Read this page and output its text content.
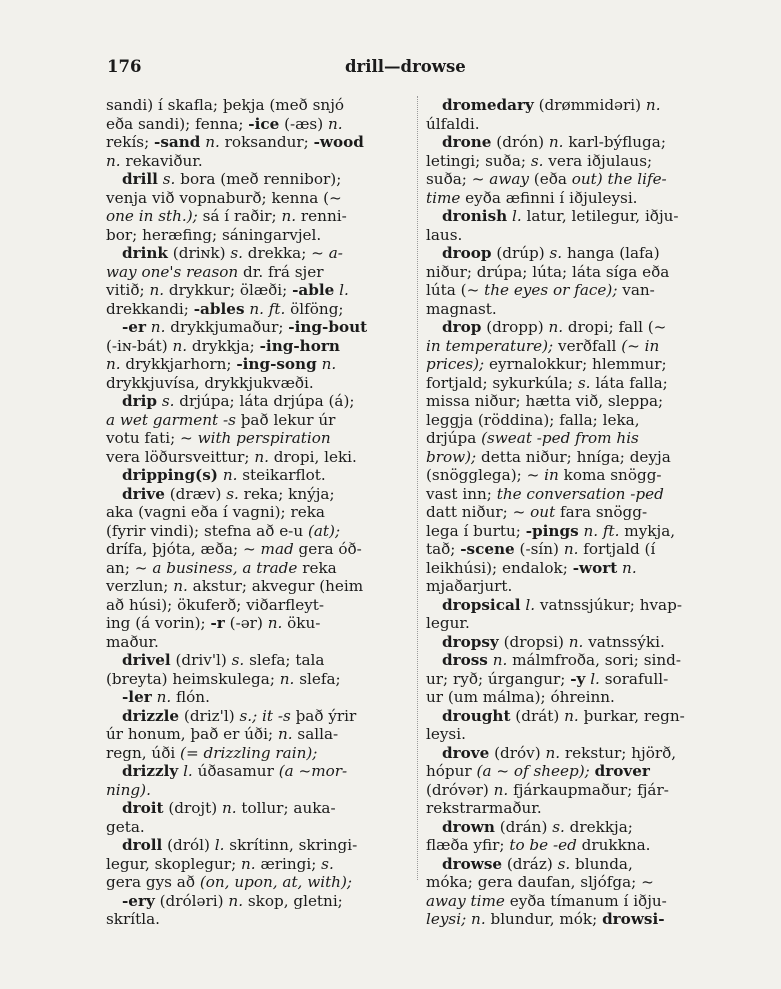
176	drill—drowse
sandi) í skafla; þekja (með snjó
eða sandi); fenna; -ice (-æs) n.
rekís; -sand n. roksandur; -wood
n. rekaviður.
drill s. bora (með rennibor);
venja við vopnaburð; kenna (~
one in sth.); sá í raðir; n. renni-
bor; heræfing; sáningarvjel.
drink (driɴk) s. drekka; ~ a-
way one's reason dr. frá sjer
vitið; n. drykkur; ölæði; -able l.
drekkandi; -ables n. ft. ölföng;
-er n. drykkjumaður; -ing-bout
(-iɴ-bát) n. drykkja; -ing-horn
n. drykkjarhorn; -ing-song n.
drykkjuvísa, drykkjukvæði.
drip s. drjúpa; láta drjúpa (á);
a wet garment -s það lekur úr
votu fati; ~ with perspiration
vera löðursveittur; n. dropi, leki.
dripping(s) n. steikarflot.
drive (dræv) s. reka; knýja;
aka (vagni eða í vagni); reka
(fyrir vindi); stefna að e-u (at);
drífa, þjóta, æða; ~ mad gera óð-
an; ~ a business, a trade reka
verzlun; n. akstur; akvegur (heim
að húsi); ökuferð; viðarfleyt-
ing (á vorin); -r (-ər) n. öku-
maður.
drivel (driv'l) s. slefa; tala
(breyta) heimskulega; n. slefa;
-ler n. flón.
drizzle (driz'l) s.; it -s það ýrir
úr honum, það er úði; n. salla-
regn, úði (= drizzling rain);
drizzly l. úðasamur (a ~mor-
ning).
droit (drojt) n. tollur; auka-
geta.
droll (dról) l. skrítinn, skringi-
legur, skoplegur; n. æringi; s.
gera gys að (on, upon, at, with);
-ery (dróləri) n. skop, gletni;
skrítla.
dromedary (drømmidəri) n.
úlfaldi.
drone (drón) n. karl-býfluga;
letingi; suða; s. vera iðjulaus;
suða; ~ away (eða out) the life-
time eyða æfinni í iðjuleysi.
dronish l. latur, letilegur, iðju-
laus.
droop (drúp) s. hanga (lafa)
niður; drúpa; lúta; láta síga eða
lúta (~ the eyes or face); van-
magnast.
drop (dropp) n. dropi; fall (~
in temperature); verðfall (~ in
prices); eyrnalokkur; hlemmur;
fortjald; sykurkúla; s. láta falla;
missa niður; hætta við, sleppa;
leggja (röddina); falla; leka,
drjúpa (sweat -ped from his
brow); detta niður; hníga; deyja
(snögglega); ~ in koma snögg-
vast inn; the conversation -ped
datt niður; ~ out fara snögg-
lega í burtu; -pings n. ft. mykja,
tað; -scene (-sín) n. fortjald (í
leikhúsi); endalok; -wort n.
mjaðarjurt.
dropsical l. vatnssjúkur; hvap-
legur.
dropsy (dropsi) n. vatnssýki.
dross n. málmfroða, sori; sind-
ur; ryð; úrgangur; -y l. sorafull-
ur (um málma); óhreinn.
drought (drát) n. þurkar, regn-
leysi.
drove (dróv) n. rekstur; hjörð,
hópur (a ~ of sheep); drover
(dróvər) n. fjárkaupmaður; fjár-
rekstrarmaður.
drown (drán) s. drekkja;
flæða yfir; to be -ed drukkna.
drowse (dráz) s. blunda,
móka; gera daufan, sljófga; ~
away time eyða tímanum í iðju-
leysi; n. blundur, mók; drowsi-
